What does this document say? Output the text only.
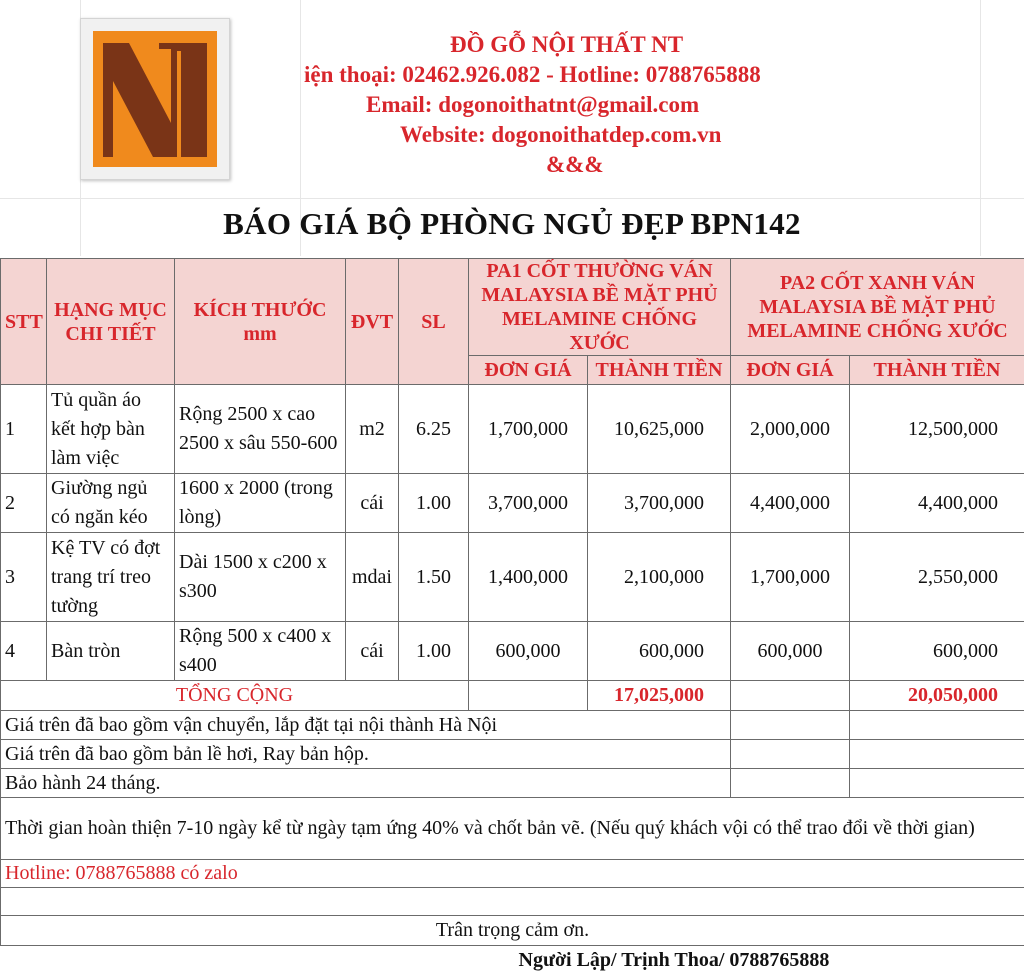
ĐỒ GỖ NỘI THẤT NT
iện thoại: 02462.926.082 - Hotline: 0788765888
Email: dogonoithatnt@gmail.com
Website: dogonoithatdep.com.vn
&&&
BÁO GIÁ BỘ PHÒNG NGỦ ĐẸP BPN142
STT	HẠNG MỤC CHI TIẾT	KÍCH THƯỚC mm	ĐVT	SL	PA1 CỐT THƯỜNG VÁN MALAYSIA BỀ MẶT PHỦ MELAMINE CHỐNG XƯỚC		PA2 CỐT XANH VÁN MALAYSIA BỀ MẶT PHỦ MELAMINE CHỐNG XƯỚC	
					ĐƠN GIÁ	THÀNH TIỀN	ĐƠN GIÁ	THÀNH TIỀN
1	Tủ quần áo kết hợp bàn làm việc	Rộng 2500 x cao 2500 x sâu 550-600	m2	6.25	1,700,000	10,625,000	2,000,000	12,500,000
2	Giường ngủ có ngăn kéo	1600 x 2000 (trong lòng)	cái	1.00	3,700,000	3,700,000	4,400,000	4,400,000
3	Kệ TV có đợt trang trí treo tường	Dài 1500 x c200 x s300	mdai	1.50	1,400,000	2,100,000	1,700,000	2,550,000
4	Bàn tròn	Rộng 500 x c400 x s400	cái	1.00	600,000	600,000	600,000	600,000
TỔNG CỘNG						17,025,000		20,050,000
Giá trên đã bao gồm vận chuyển, lắp đặt tại nội thành Hà Nội								
Giá trên đã bao gồm bản lề hơi, Ray bản hộp.								
Bảo hành 24 tháng.								
Thời gian hoàn thiện 7-10 ngày kể từ ngày tạm ứng 40% và chốt bản vẽ. (Nếu quý khách vội có thể trao đổi về thời gian)								
Hotline: 0788765888 có zalo								

Trân trọng cảm ơn.								
Người Lập/ Trịnh Thoa/ 0788765888								
